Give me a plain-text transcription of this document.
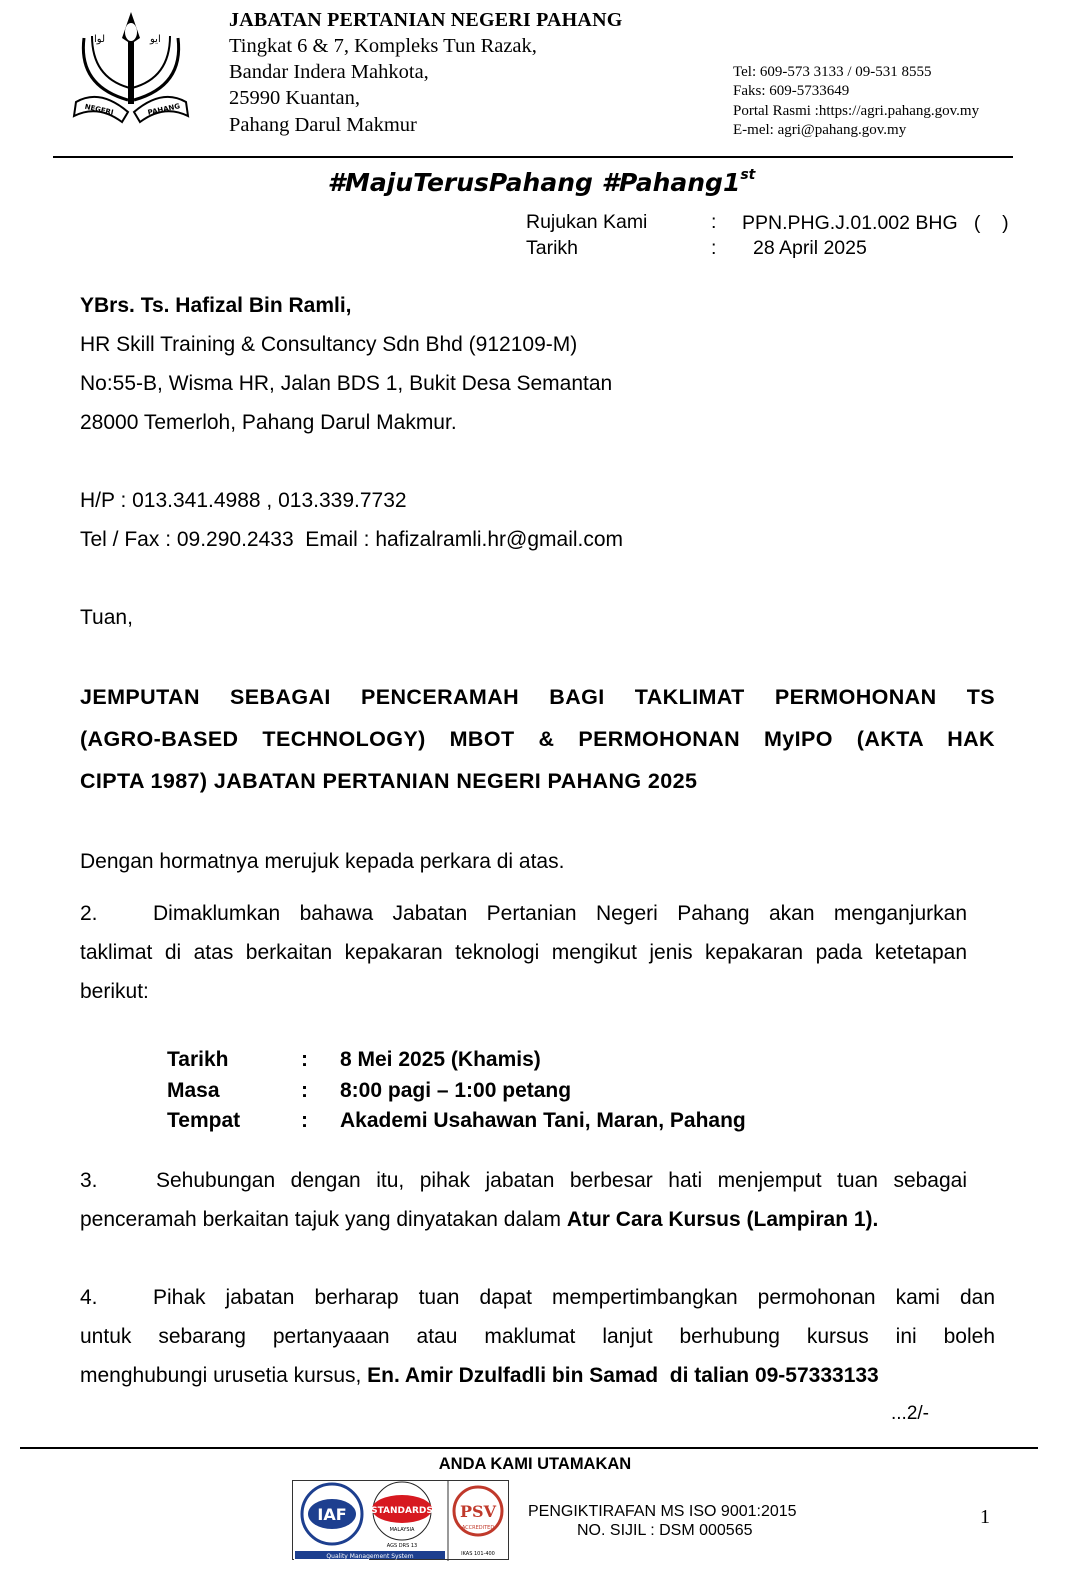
ﻟﻮﺍ	ﺍﻳﻮ
NEGERI	PAHANG
JABATAN PERTANIAN NEGERI PAHANG
Tingkat 6 & 7, Kompleks Tun Razak,
Bandar Indera Mahkota,
25990 Kuantan,
Pahang Darul Makmur
Tel: 609-573 3133 / 09-531 8555
Faks: 609-5733649
Portal Rasmi :https://agri.pahang.gov.my
E-mel: agri@pahang.gov.my
#MajuTerusPahang #Pahang1st
Rujukan Kami	: PPN.PHG.J.01.002 BHG   (    )
Tarikh	: 28 April 2025
YBrs. Ts. Hafizal Bin Ramli,
HR Skill Training & Consultancy Sdn Bhd (912109-M)
No:55-B, Wisma HR, Jalan BDS 1, Bukit Desa Semantan
28000 Temerloh, Pahang Darul Makmur.
H/P : 013.341.4988 , 013.339.7732
Tel / Fax : 09.290.2433  Email : hafizalramli.hr@gmail.com
Tuan,
JEMPUTAN SEBAGAI PENCERAMAH BAGI TAKLIMAT PERMOHONAN TS
(AGRO-BASED TECHNOLOGY) MBOT & PERMOHONAN MyIPO (AKTA HAK
CIPTA 1987) JABATAN PERTANIAN NEGERI PAHANG 2025
Dengan hormatnya merujuk kepada perkara di atas.
2.	Dimaklumkan bahawa Jabatan Pertanian Negeri Pahang akan menganjurkan
taklimat di atas berkaitan kepakaran teknologi mengikut jenis kepakaran pada ketetapan
berikut:
Tarikh	: 8 Mei 2025 (Khamis)
Masa	: 8:00 pagi – 1:00 petang
Tempat	: Akademi Usahawan Tani, Maran, Pahang
3.	Sehubungan dengan itu, pihak jabatan berbesar hati menjemput tuan sebagai
penceramah berkaitan tajuk yang dinyatakan dalam Atur Cara Kursus (Lampiran 1).
4.	Pihak jabatan berharap tuan dapat mempertimbangkan permohonan kami dan
untuk sebarang pertanyaaan atau maklumat lanjut berhubung kursus ini boleh
menghubungi urusetia kursus, En. Amir Dzulfadli bin Samad  di talian 09-57333133
...2/-
ANDA KAMI UTAMAKAN
IAF
Quality Management System
STANDARDS
MALAYSIA
AGS DRS 13
PSV
ACCREDITED
IKAS 101-400
PENGIKTIRAFAN MS ISO 9001:2015
NO. SIJIL : DSM 000565
1
